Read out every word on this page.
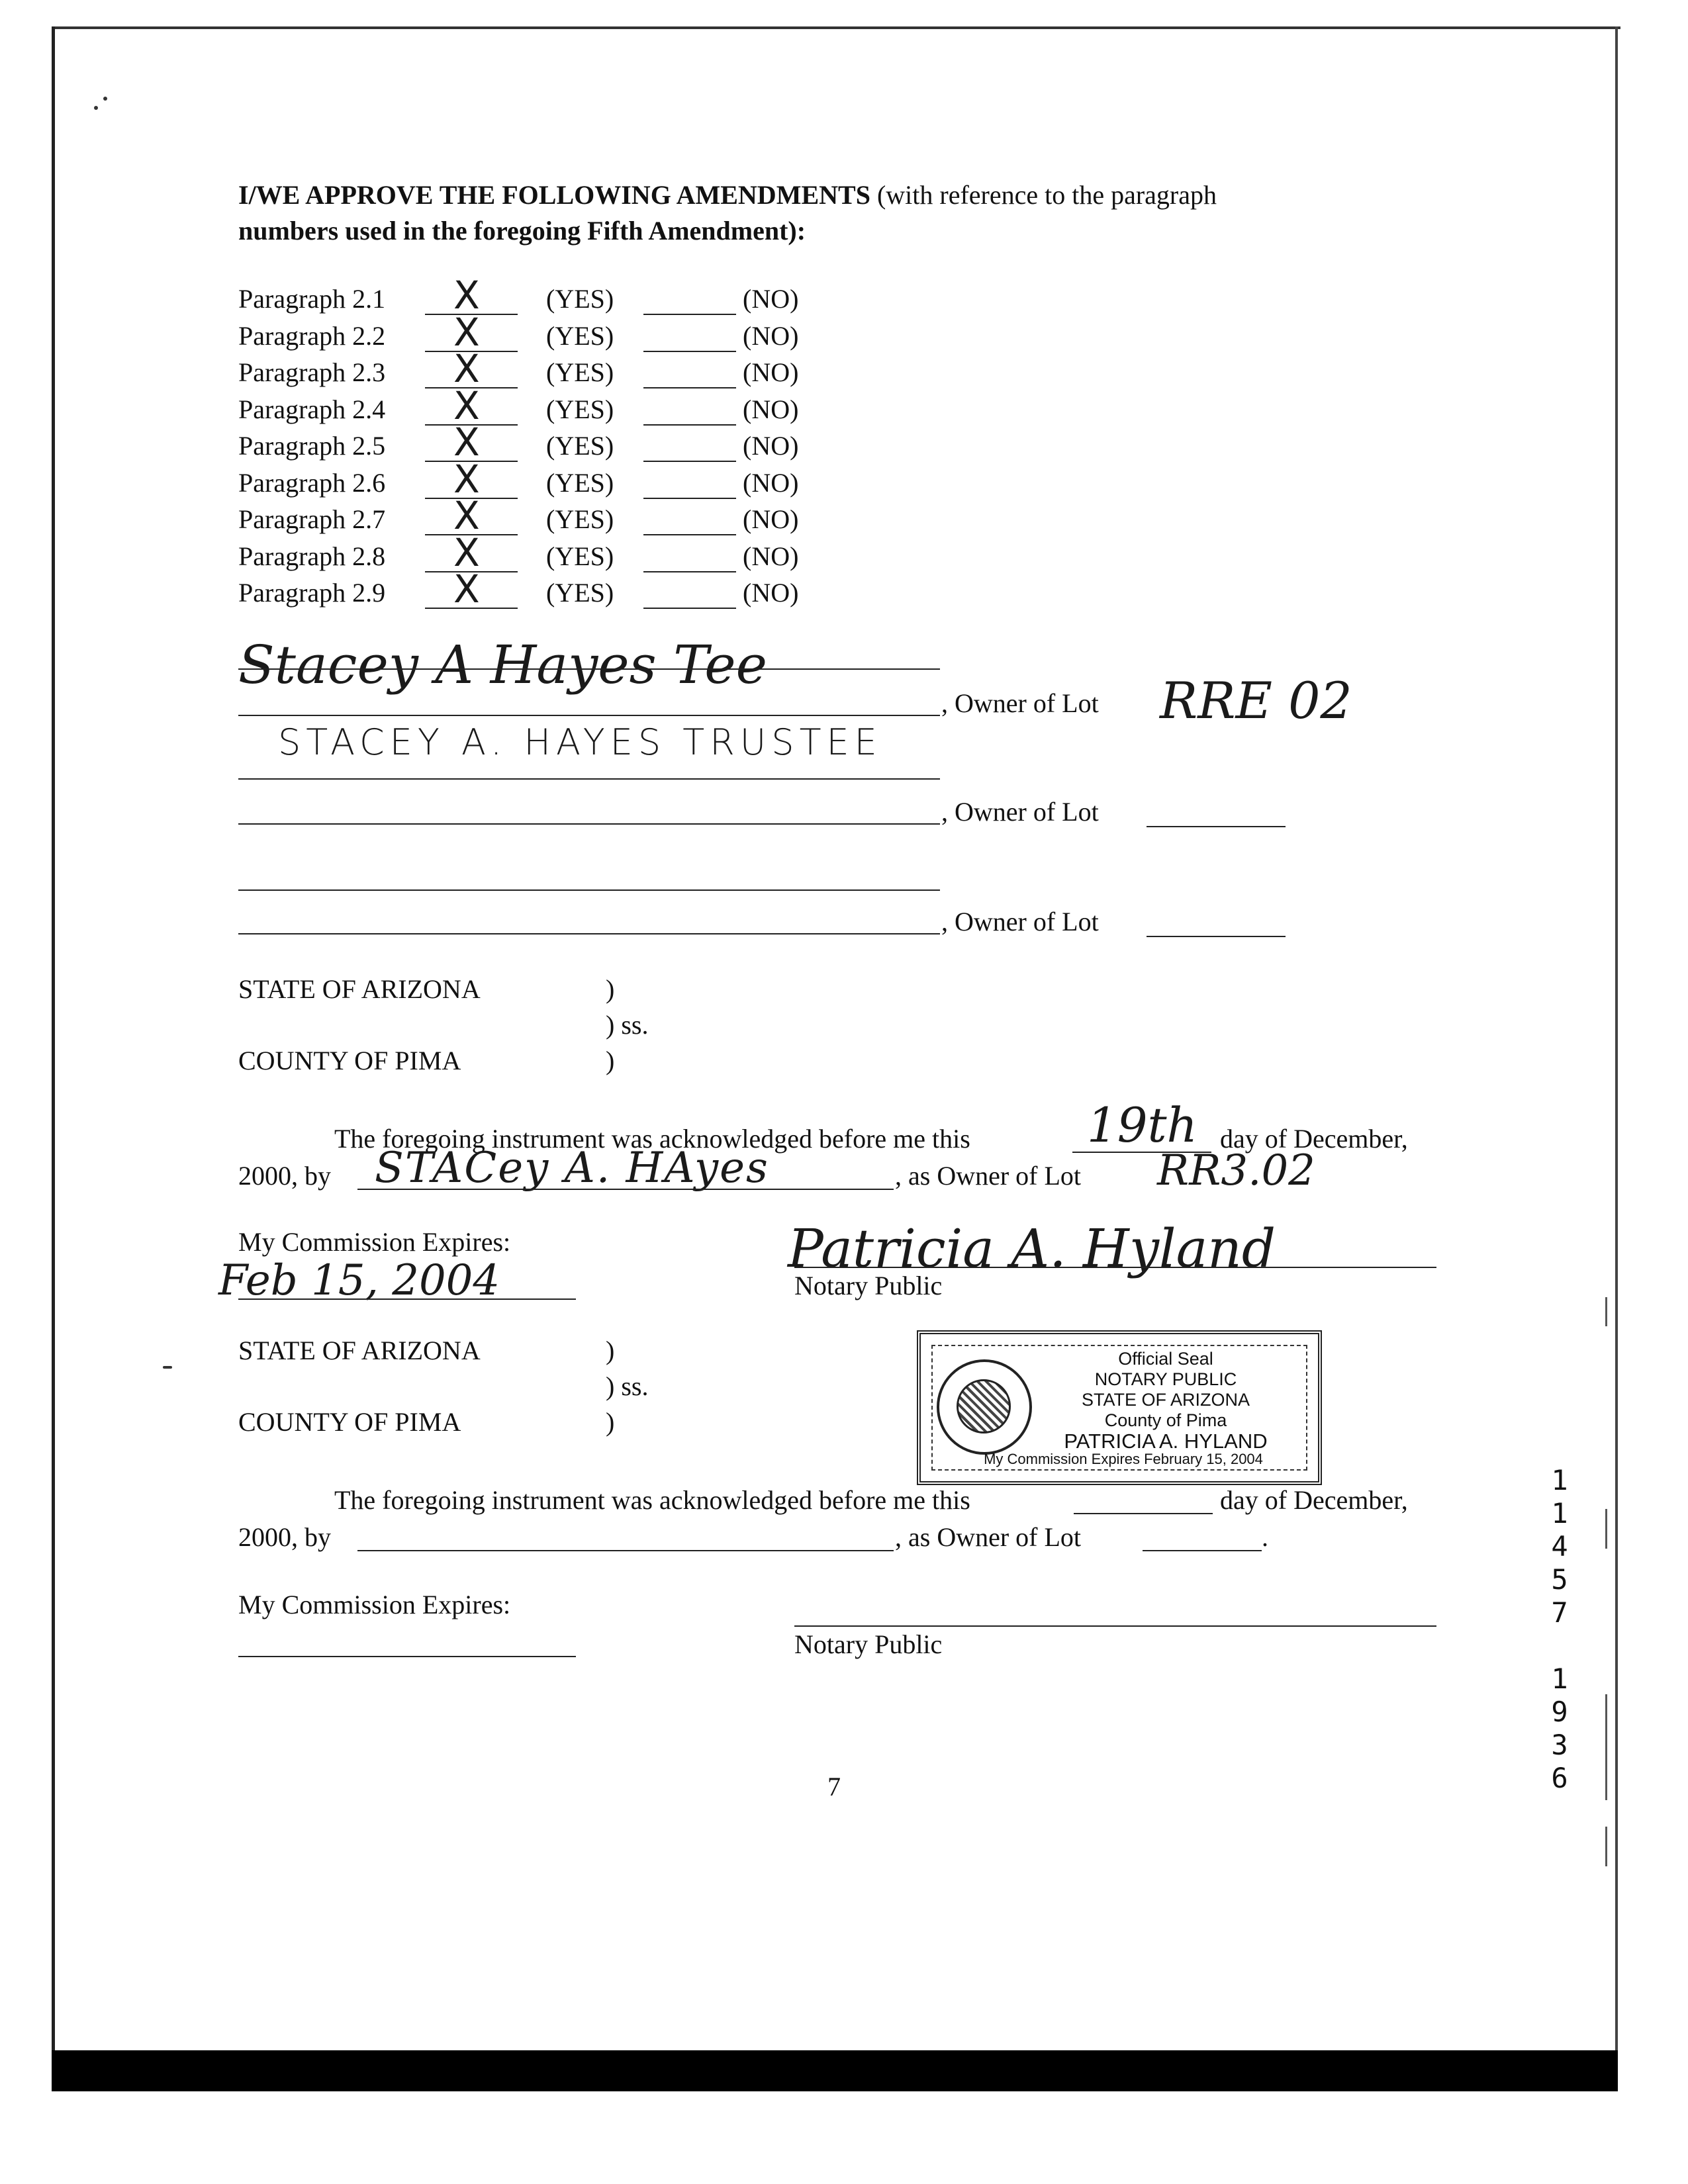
I/WE APPROVE THE FOLLOWING AMENDMENTS (with reference to the paragraph
numbers used in the foregoing Fifth Amendment):
Paragraph 2.1 X	(YES)	(NO)
Paragraph 2.2 X	(YES)	(NO)
Paragraph 2.3 X	(YES)	(NO)
Paragraph 2.4 X	(YES)	(NO)
Paragraph 2.5 X	(YES)	(NO)
Paragraph 2.6 X	(YES)	(NO)
Paragraph 2.7 X	(YES)	(NO)
Paragraph 2.8 X	(YES)	(NO)
Paragraph 2.9 X	(YES)	(NO)
Stacey A Hayes Tee
, Owner of Lot RRE 02
STACEY A. HAYES TRUSTEE
, Owner of Lot
, Owner of Lot
STATE OF ARIZONA	)
) ss.
COUNTY OF PIMA	)
The foregoing instrument was acknowledged before me this 19th day of December,
2000, by STACey A. HAyes	, as Owner of Lot RR3.02
My Commission Expires:
Feb 15, 2004
Patricia A. Hyland
Notary Public
Official Seal
NOTARY PUBLIC
STATE OF ARIZONA
County of Pima
PATRICIA A. HYLAND
My Commission Expires February 15, 2004
STATE OF ARIZONA	)
) ss.
COUNTY OF PIMA	)
The foregoing instrument was acknowledged before me this	day of December,
2000, by	, as Owner of Lot	.
My Commission Expires:
Notary Public
7
1
1
4
5
7
1
9
3
6
